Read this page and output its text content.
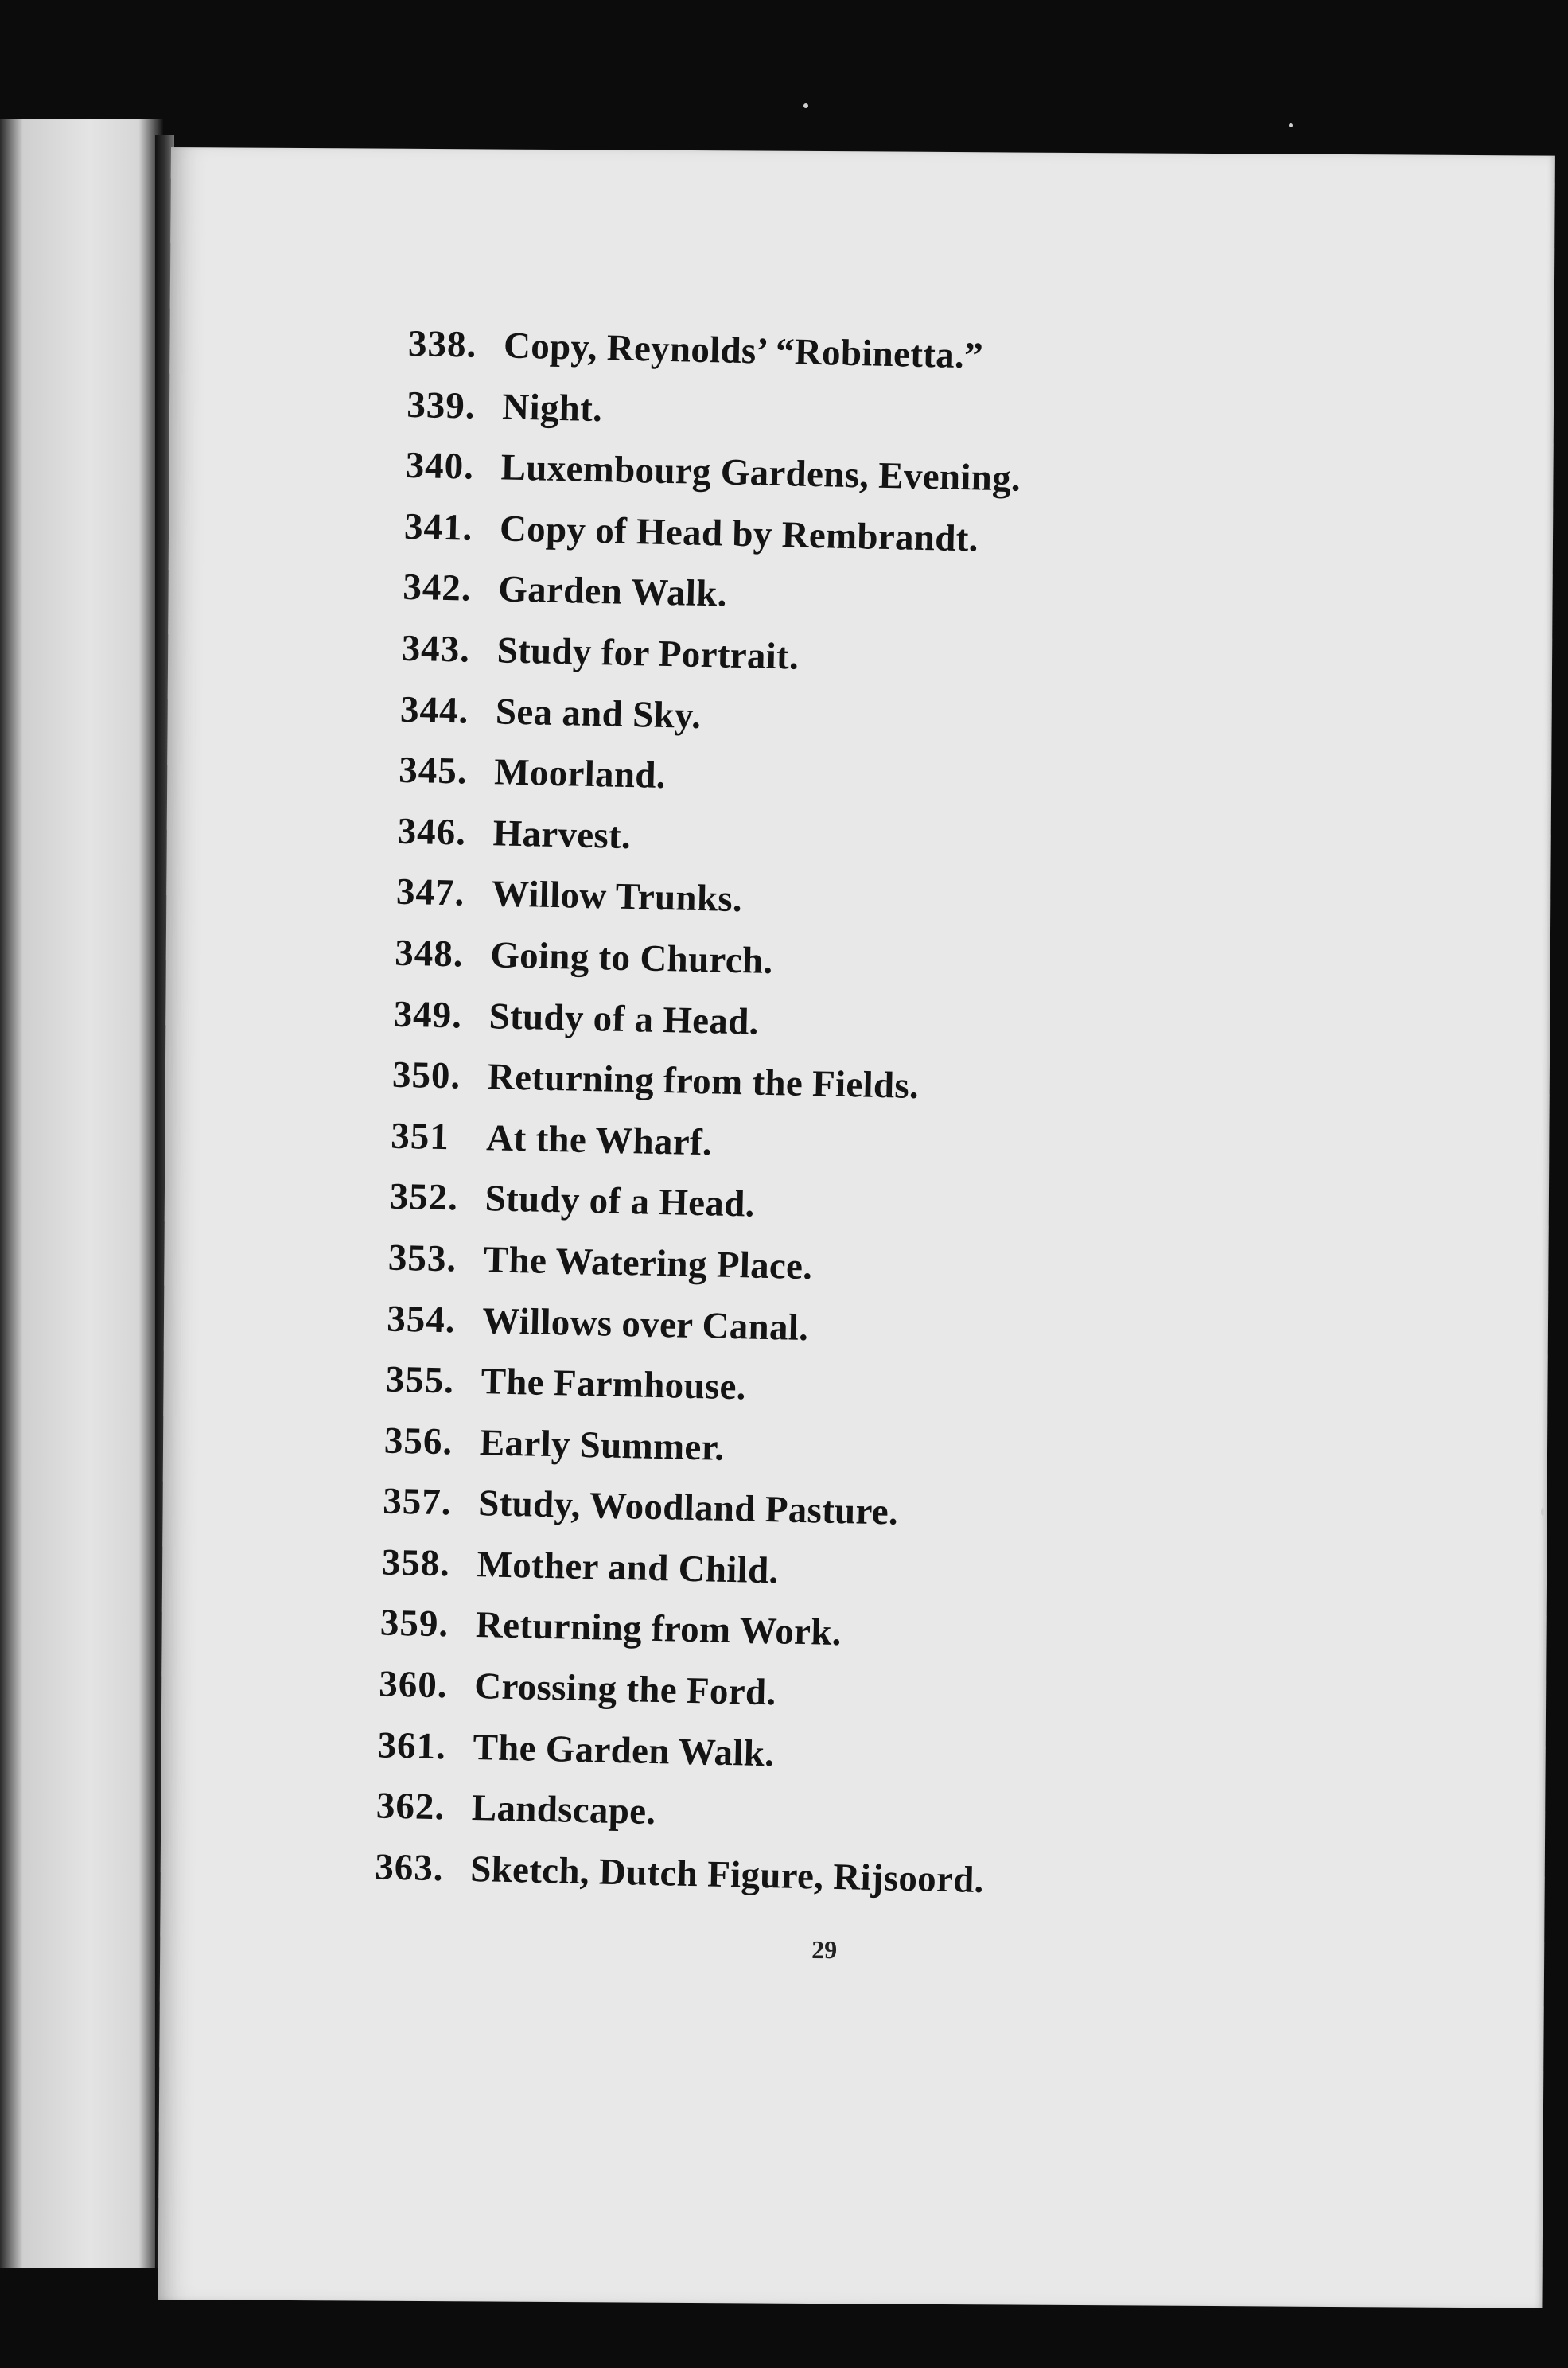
338. Copy, Reynolds’ “Robinetta.”
339. Night.
340. Luxembourg Gardens, Evening.
341. Copy of Head by Rembrandt.
342. Garden Walk.
343. Study for Portrait.
344. Sea and Sky.
345. Moorland.
346. Harvest.
347. Willow Trunks.
348. Going to Church.
349. Study of a Head.
350. Returning from the Fields.
351 At the Wharf.
352. Study of a Head.
353. The Watering Place.
354. Willows over Canal.
355. The Farmhouse.
356. Early Summer.
357. Study, Woodland Pasture.
358. Mother and Child.
359. Returning from Work.
360. Crossing the Ford.
361. The Garden Walk.
362. Landscape.
363. Sketch, Dutch Figure, Rijsoord.
29
